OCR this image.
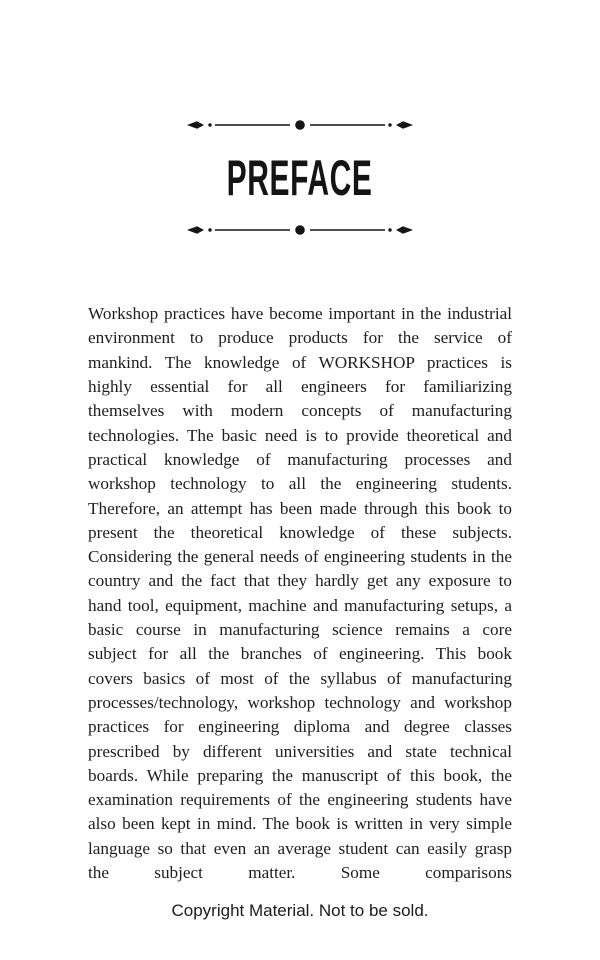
PREFACE

Workshop practices have become important in the industrial environment to produce products for the service of mankind. The knowledge of WORKSHOP practices is highly essential for all engineers for familiarizing themselves with modern concepts of manufacturing technologies. The basic need is to provide theoretical and practical knowledge of manufacturing processes and workshop technology to all the engineering students. Therefore, an attempt has been made through this book to present the theoretical knowledge of these subjects. Considering the general needs of engineering students in the country and the fact that they hardly get any exposure to hand tool, equipment, machine and manufacturing setups, a basic course in manufacturing science remains a core subject for all the branches of engineering. This book covers basics of most of the syllabus of manufacturing processes/technology, workshop technology and workshop practices for engineering diploma and degree classes prescribed by different universities and state technical boards. While preparing the manuscript of this book, the examination requirements of the engineering students have also been kept in mind. The book is written in very simple language so that even an average student can easily grasp the subject matter. Some comparisons

Copyright Material. Not to be sold.
